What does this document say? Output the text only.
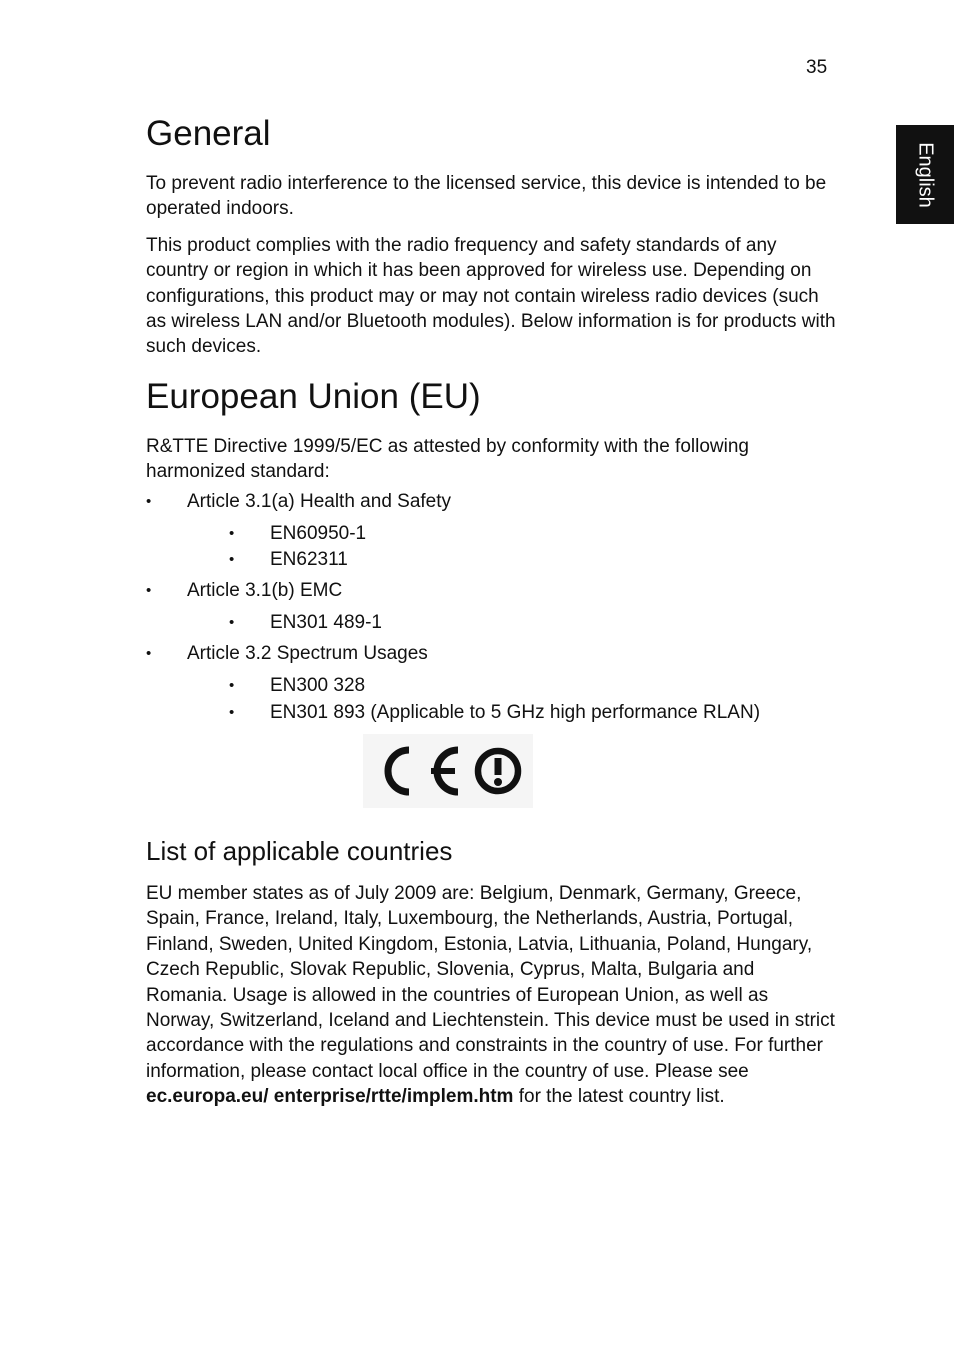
35
English
General

To prevent radio interference to the licensed service, this device is intended to be operated indoors.

This product complies with the radio frequency and safety standards of any country or region in which it has been approved for wireless use. Depending on configurations, this product may or may not contain wireless radio devices (such as wireless LAN and/or Bluetooth modules). Below information is for products with such devices.

European Union (EU)

R&TTE Directive 1999/5/EC as attested by conformity with the following harmonized standard:

• Article 3.1(a) Health and Safety
• EN60950-1
• EN62311
• Article 3.1(b) EMC
• EN301 489-1
• Article 3.2 Spectrum Usages
• EN300 328
• EN301 893 (Applicable to 5 GHz high performance RLAN)
List of applicable countries

EU member states as of July 2009 are: Belgium, Denmark, Germany, Greece, Spain, France, Ireland, Italy, Luxembourg, the Netherlands, Austria, Portugal, Finland, Sweden, United Kingdom, Estonia, Latvia, Lithuania, Poland, Hungary, Czech Republic, Slovak Republic, Slovenia, Cyprus, Malta, Bulgaria and Romania. Usage is allowed in the countries of European Union, as well as Norway, Switzerland, Iceland and Liechtenstein. This device must be used in strict accordance with the regulations and constraints in the country of use. For further information, please contact local office in the country of use. Please see ec.europa.eu/ enterprise/rtte/implem.htm for the latest country list.
